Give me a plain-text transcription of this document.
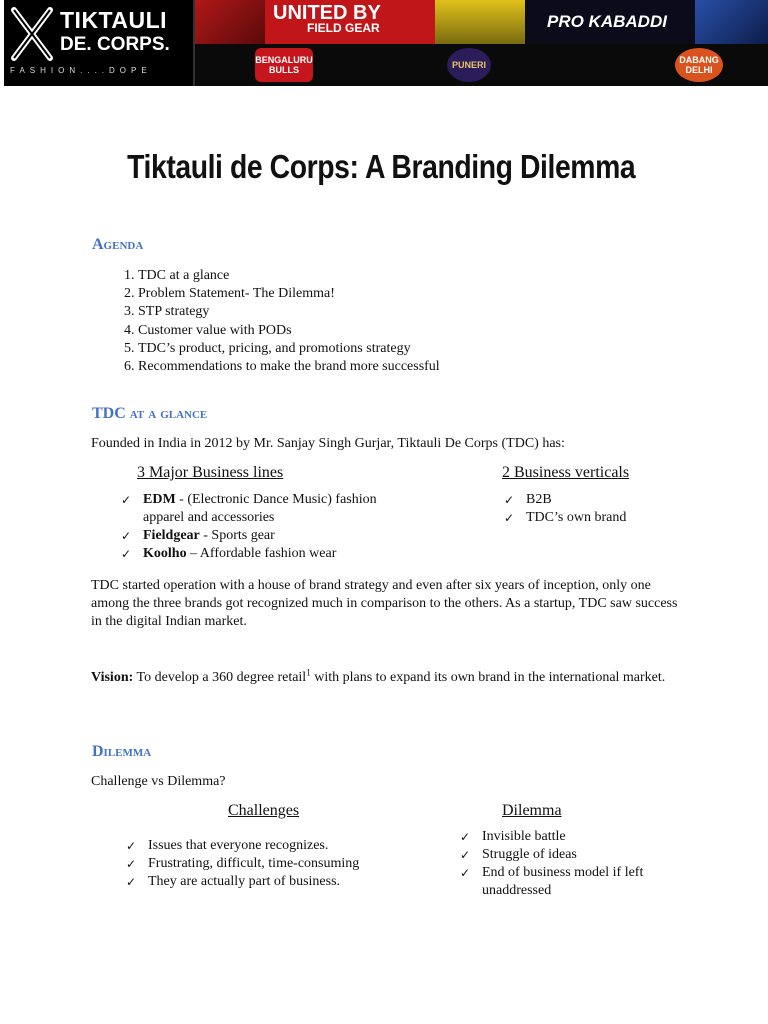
TIKTAULI
DE. CORPS.
FASHION....DOPE
UNITED BY
FIELD GEAR	PRO KABADDI
BENGALURU BULLS	PUNERI	DABANG DELHI
Tiktauli de Corps: A Branding Dilemma
Agenda
1. TDC at a glance
2. Problem Statement- The Dilemma!
3. STP strategy
4. Customer value with PODs
5. TDC’s product, pricing, and promotions strategy
6. Recommendations to make the brand more successful
TDC at a glance
Founded in India in 2012 by Mr. Sanjay Singh Gurjar, Tiktauli De Corps (TDC) has:
3 Major Business lines
✓ EDM - (Electronic Dance Music) fashion apparel and accessories
✓ Fieldgear - Sports gear
✓ Koolho – Affordable fashion wear
2 Business verticals
✓ B2B
✓ TDC’s own brand
TDC started operation with a house of brand strategy and even after six years of inception, only one among the three brands got recognized much in comparison to the others. As a startup, TDC saw success in the digital Indian market.
Vision: To develop a 360 degree retail$^1$ with plans to expand its own brand in the international market.
Dilemma
Challenge vs Dilemma?
Challenges
✓ Issues that everyone recognizes.
✓ Frustrating, difficult, time-consuming
✓ They are actually part of business.
Dilemma
✓ Invisible battle
✓ Struggle of ideas
✓ End of business model if left unaddressed
